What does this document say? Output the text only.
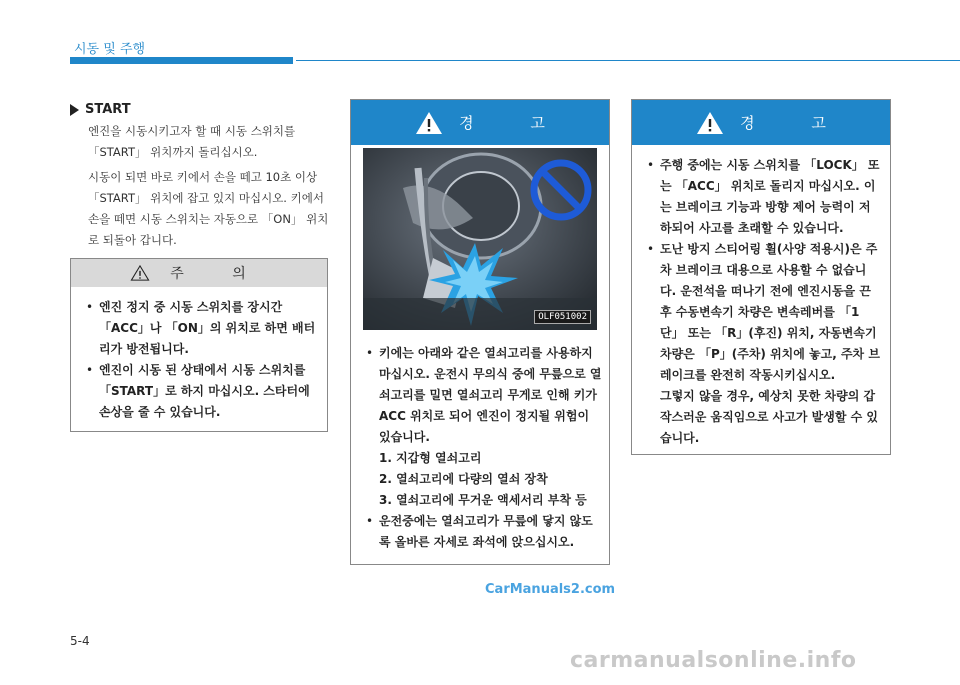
시동 및 주행
START

엔진을 시동시키고자 할 때 시동 스위치를 「START」 위치까지 돌리십시오.

시동이 되면 바로 키에서 손을 떼고 10초 이상 「START」 위치에 잡고 있지 마십시오. 키에서 손을 떼면 시동 스위치는 자동으로 「ON」 위치로 되돌아 갑니다.

주 의
• 엔진 정지 중 시동 스위치를 장시간 「ACC」나 「ON」의 위치로 하면 배터리가 방전됩니다.
• 엔진이 시동 된 상태에서 시동 스위치를 「START」로 하지 마십시오. 스타터에 손상을 줄 수 있습니다.
경 고
OLF051002
• 키에는 아래와 같은 열쇠고리를 사용하지 마십시오. 운전시 무의식 중에 무릎으로 열쇠고리를 밀면 열쇠고리 무게로 인해 키가 ACC 위치로 되어 엔진이 정지될 위험이 있습니다.
1. 지갑형 열쇠고리
2. 열쇠고리에 다량의 열쇠 장착
3. 열쇠고리에 무거운 액세서리 부착 등
• 운전중에는 열쇠고리가 무릎에 닿지 않도록 올바른 자세로 좌석에 앉으십시오.
경 고
• 주행 중에는 시동 스위치를 「LOCK」 또는 「ACC」 위치로 돌리지 마십시오. 이는 브레이크 기능과 방향 제어 능력이 저하되어 사고를 초래할 수 있습니다.
• 도난 방지 스티어링 휠(사양 적용시)은 주차 브레이크 대용으로 사용할 수 없습니다. 운전석을 떠나기 전에 엔진시동을 끈 후 수동변속기 차량은 변속레버를 「1단」 또는 「R」(후진) 위치, 자동변속기 차량은 「P」(주차) 위치에 놓고, 주차 브레이크를 완전히 작동시키십시오.
그렇지 않을 경우, 예상치 못한 차량의 갑작스러운 움직임으로 사고가 발생할 수 있습니다.
CarManuals2.com
5-4
carmanualsonline.info
